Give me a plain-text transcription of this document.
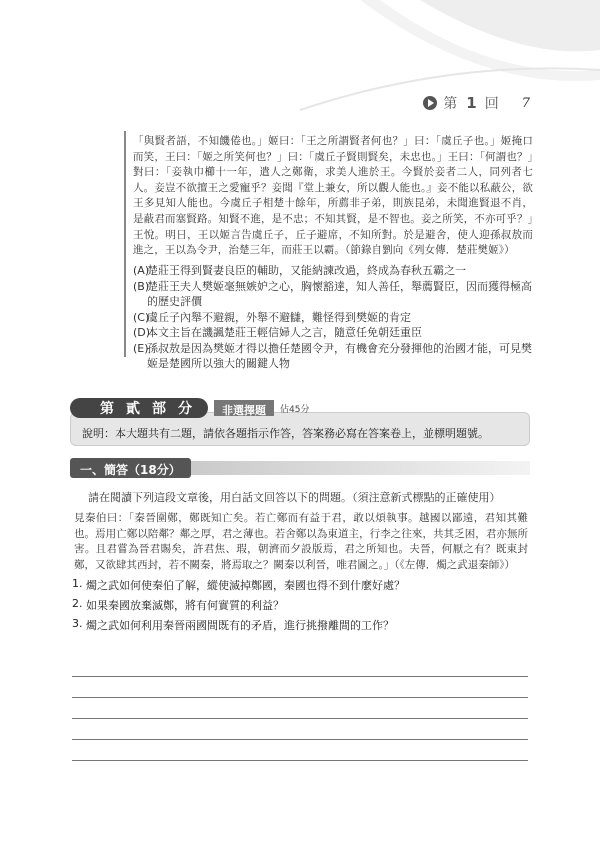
第 1 回 7
「與賢者語，不知饑倦也。」姬曰：「王之所謂賢者何也？」曰：「虞丘子也。」姬掩口而笑，王曰：「姬之所笑何也？」曰：「虞丘子賢則賢矣，未忠也。」王曰：「何謂也？」對曰：「妾執巾櫛十一年，遣人之鄭衛，求美人進於王。今賢於妾者二人，同列者七人。妾豈不欲擅王之愛寵乎？妾聞『堂上兼女，所以觀人能也。』妾不能以私蔽公，欲王多見知人能也。今虞丘子相楚十餘年，所薦非子弟，則族昆弟，未聞進賢退不肖，是蔽君而塞賢路。知賢不進，是不忠；不知其賢，是不智也。妾之所笑，不亦可乎？」王悅。明日，王以姬言告虞丘子，丘子避席，不知所對。於是避舍，使人迎孫叔敖而進之，王以為令尹，治楚三年，而莊王以霸。（節錄自劉向《列女傳．楚莊樊姬》）
(A)
楚莊王得到賢妻良臣的輔助，又能納諫改過，終成為春秋五霸之一
(B)
楚莊王夫人樊姬毫無嫉妒之心，胸懷豁達，知人善任，舉薦賢臣，因而獲得極高的歷史評價
(C)
虞丘子內舉不避親，外舉不避讎，難怪得到樊姬的肯定
(D)
本文主旨在譏諷楚莊王輕信婦人之言，隨意任免朝廷重臣
(E)
孫叔敖是因為樊姬才得以擔任楚國令尹，有機會充分發揮他的治國才能，可見樊姬是楚國所以強大的關鍵人物
第 貳 部 分	非選擇題	佔45分
說明：本大題共有二題，請依各題指示作答，答案務必寫在答案卷上，並標明題號。
一、簡答（18分）
請在閱讀下列這段文章後，用白話文回答以下的問題。（須注意新式標點的正確使用）
見秦伯曰：「秦晉圍鄭，鄭既知亡矣。若亡鄭而有益于君，敢以煩執事。越國以鄙遠，君知其難也。焉用亡鄭以陪鄰？鄰之厚，君之薄也。若舍鄭以為東道主，行李之往來，共其乏困，君亦無所害。且君嘗為晉君賜矣，許君焦、瑕，朝濟而夕設版焉，君之所知也。夫晉，何厭之有？既東封鄭，又欲肆其西封，若不闕秦，將焉取之？闕秦以利晉，唯君圖之。」（《左傳．燭之武退秦師》）
1. 燭之武如何使秦伯了解，縱使滅掉鄭國，秦國也得不到什麼好處？
2. 如果秦國放棄滅鄭，將有何實質的利益？
3. 燭之武如何利用秦晉兩國間既有的矛盾，進行挑撥離間的工作？
